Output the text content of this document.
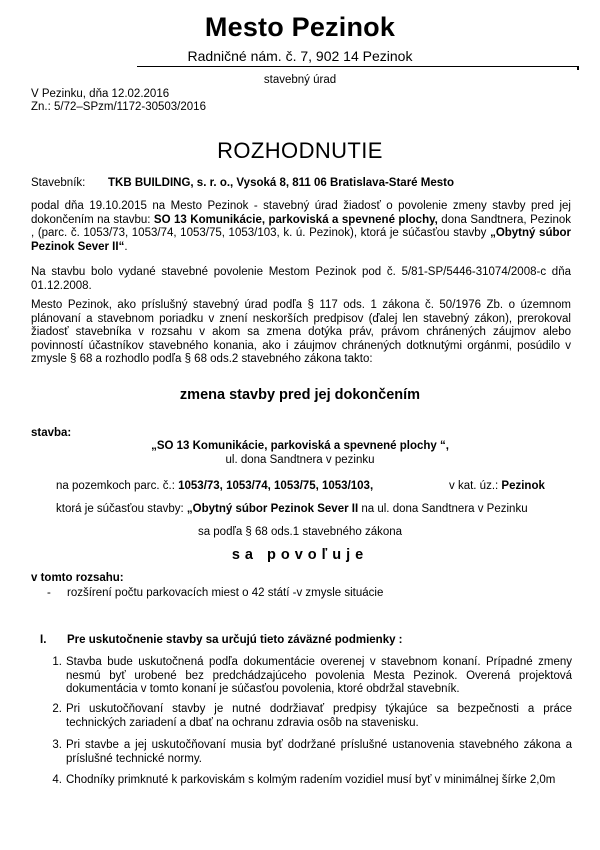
Mesto Pezinok
Radničné nám. č. 7, 902 14 Pezinok
stavebný úrad
V Pezinku, dňa 12.02.2016
Zn.: 5/72–SPzm/1172-30503/2016
ROZHODNUTIE
Stavebník: TKB BUILDING, s. r. o., Vysoká 8, 811 06 Bratislava-Staré Mesto
podal dňa 19.10.2015 na Mesto Pezinok - stavebný úrad žiadosť o povolenie zmeny stavby pred jej dokončením na stavbu: SO 13 Komunikácie, parkoviská a spevnené plochy, dona Sandtnera, Pezinok , (parc. č. 1053/73, 1053/74, 1053/75, 1053/103, k. ú. Pezinok), ktorá je súčasťou stavby „Obytný súbor Pezinok Sever II“.
Na stavbu bolo vydané stavebné povolenie Mestom Pezinok pod č. 5/81-SP/5446-31074/2008-c dňa 01.12.2008.
Mesto Pezinok, ako príslušný stavebný úrad podľa § 117 ods. 1 zákona č. 50/1976 Zb. o územnom plánovaní a stavebnom poriadku v znení neskorších predpisov (ďalej len stavebný zákon), prerokoval žiadosť stavebníka v rozsahu v akom sa zmena dotýka práv, právom chránených záujmov alebo povinností účastníkov stavebného konania, ako i záujmov chránených dotknutými orgánmi, posúdilo v zmysle § 68 a rozhodlo podľa § 68 ods.2 stavebného zákona takto:
zmena stavby pred jej dokončením
stavba:
„SO 13 Komunikácie, parkoviská a spevnené plochy “,
ul. dona Sandtnera v pezinku
na pozemkoch parc. č.: 1053/73, 1053/74, 1053/75, 1053/103,	v kat. úz.: Pezinok
ktorá je súčasťou stavby: „Obytný súbor Pezinok Sever II na ul. dona Sandtnera v Pezinku
sa podľa § 68 ods.1 stavebného zákona
sa povoľuje
v tomto rozsahu:
- rozšírení počtu parkovacích miest o 42 státí -v zmysle situácie
I. Pre uskutočnenie stavby sa určujú tieto záväzné podmienky :
1. Stavba bude uskutočnená podľa dokumentácie overenej v stavebnom konaní. Prípadné zmeny nesmú byť urobené bez predchádzajúceho povolenia Mesta Pezinok. Overená projektová dokumentácia v tomto konaní je súčasťou povolenia, ktoré obdržal stavebník.
2. Pri uskutočňovaní stavby je nutné dodržiavať predpisy týkajúce sa bezpečnosti a práce technických zariadení a dbať na ochranu zdravia osôb na stavenisku.
3. Pri stavbe a jej uskutočňovaní musia byť dodržané príslušné ustanovenia stavebného zákona a príslušné technické normy.
4. Chodníky primknuté k parkoviskám s kolmým radením vozidiel musí byť v minimálnej šírke 2,0m
